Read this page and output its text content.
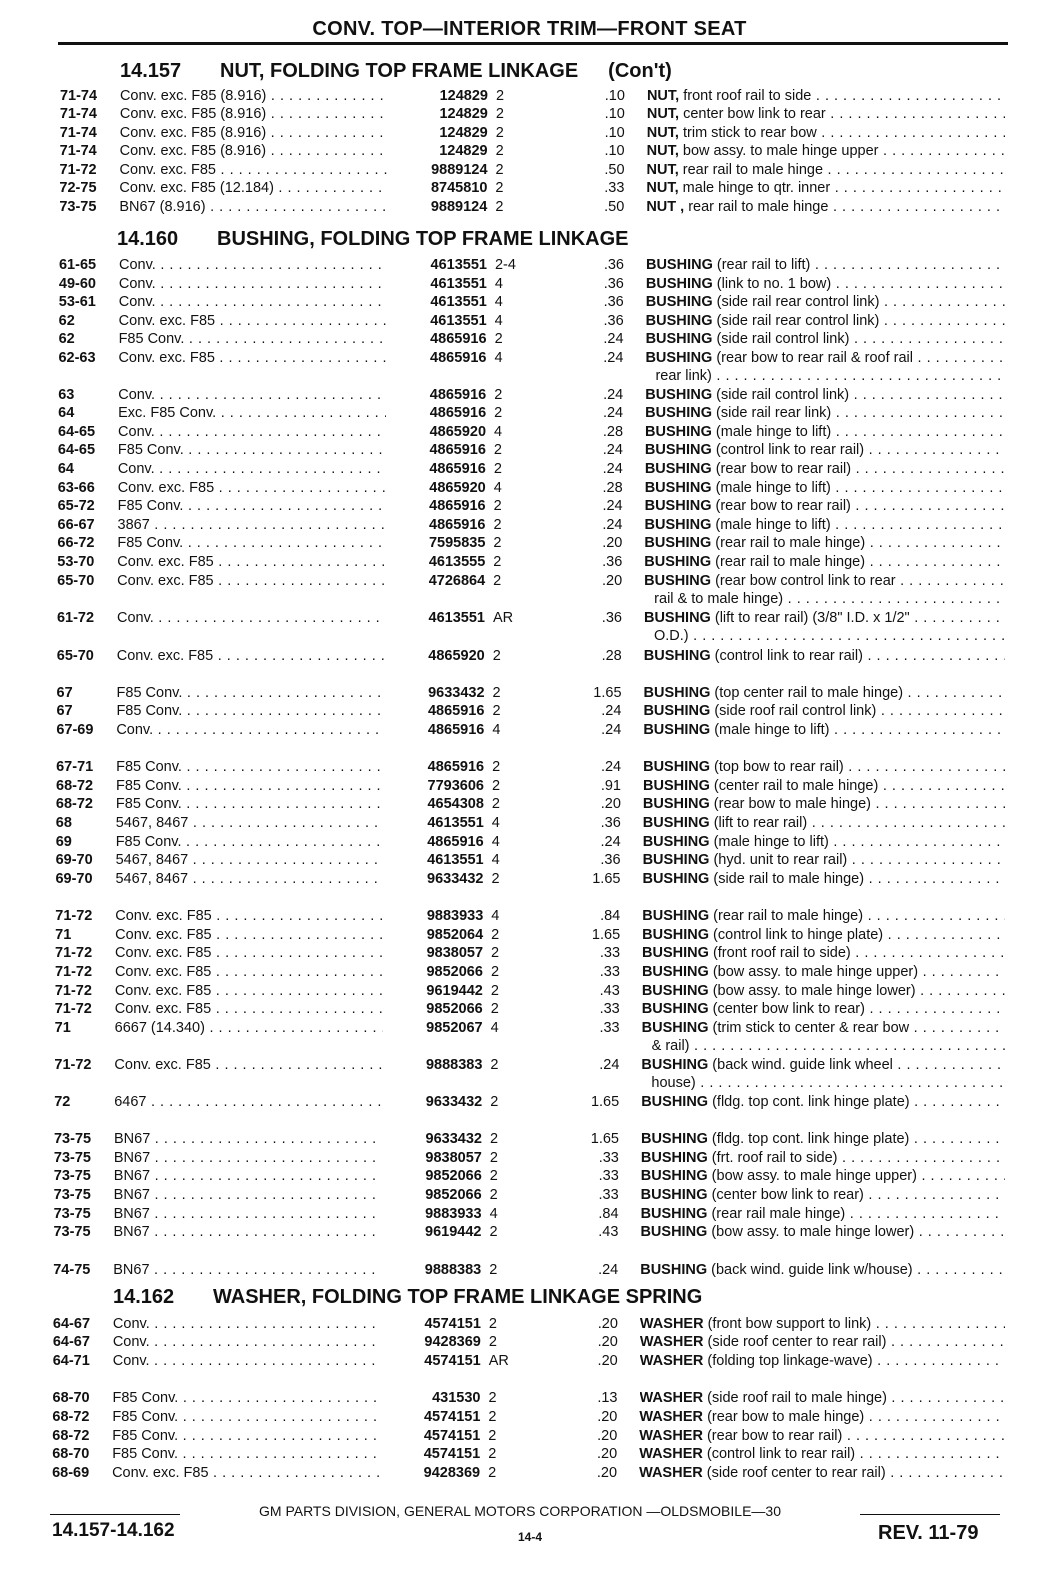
CONV. TOP—INTERIOR TRIM—FRONT SEAT
14.157 NUT, FOLDING TOP FRAME LINKAGE (Con't)
71-74 Conv. exc. F85 (8.916) . . .	124829 2	.10 NUT, front roof rail to side . . .
71-74 Conv. exc. F85 (8.916) . . .	124829 2	.10 NUT, center bow link to rear . . .
71-74 Conv. exc. F85 (8.916) . . .	124829 2	.10 NUT, trim stick to rear bow . . .
71-74 Conv. exc. F85 (8.916) . . .	124829 2	.10 NUT, bow assy. to male hinge upper . . .
71-72 Conv. exc. F85 . . .	9889124 2	.50 NUT, rear rail to male hinge . . .
72-75 Conv. exc. F85 (12.184) . . .	8745810 2	.33 NUT, male hinge to qtr. inner . . .
73-75 BN67 (8.916) . . .	9889124 2	.50 NUT , rear rail to male hinge . . .
14.160 BUSHING, FOLDING TOP FRAME LINKAGE
61-65 Conv. . . .	4613551 2-4	.36 BUSHING (rear rail to lift) . . .
49-60 Conv. . . .	4613551 4	.36 BUSHING (link to no. 1 bow) . . .
53-61 Conv. . . .	4613551 4	.36 BUSHING (side rail rear control link) . . .
62	Conv. exc. F85 . . .	4613551 4	.36 BUSHING (side rail rear control link) . . .
62	F85 Conv. . . .	4865916 2	.24 BUSHING (side rail control link) . . .
62-63 Conv. exc. F85 . . .	4865916 4	.24 BUSHING (rear bow to rear rail & roof rail . . .
rear link) . . .
63	Conv. . . .	4865916 2	.24 BUSHING (side rail control link) . . .
64	Exc. F85 Conv. . . .	4865916 2	.24 BUSHING (side rail rear link) . . .
64-65 Conv. . . .	4865920 4	.28 BUSHING (male hinge to lift) . . .
64-65 F85 Conv. . . .	4865916 2	.24 BUSHING (control link to rear rail) . . .
64	Conv. . . .	4865916 2	.24 BUSHING (rear bow to rear rail) . . .
63-66 Conv. exc. F85 . . .	4865920 4	.28 BUSHING (male hinge to lift) . . .
65-72 F85 Conv. . . .	4865916 2	.24 BUSHING (rear bow to rear rail) . . .
66-67 3867 . . .	4865916 2	.24 BUSHING (male hinge to lift) . . .
66-72 F85 Conv. . . .	7595835 2	.20 BUSHING (rear rail to male hinge) . . .
53-70 Conv. exc. F85 . . .	4613555 2	.36 BUSHING (rear rail to male hinge) . . .
65-70 Conv. exc. F85 . . .	4726864 2	.20 BUSHING (rear bow control link to rear . . .
rail & to male hinge) . . .
61-72 Conv. . . .	4613551 AR	.36 BUSHING (lift to rear rail) (3/8" I.D. x 1/2" . . .
O.D.) . . .
65-70 Conv. exc. F85 . . .	4865920 2	.28 BUSHING (control link to rear rail) . . .
67	F85 Conv. . . .	9633432 2	1.65 BUSHING (top center rail to male hinge) . . .
67	F85 Conv. . . .	4865916 2	.24 BUSHING (side roof rail control link) . . .
67-69 Conv. . . .	4865916 4	.24 BUSHING (male hinge to lift) . . .
67-71 F85 Conv. . . .	4865916 2	.24 BUSHING (top bow to rear rail) . . .
68-72 F85 Conv. . . .	7793606 2	.91 BUSHING (center rail to male hinge) . . .
68-72 F85 Conv. . . .	4654308 2	.20 BUSHING (rear bow to male hinge) . . .
68	5467, 8467 . . .	4613551 4	.36 BUSHING (lift to rear rail) . . .
69	F85 Conv. . . .	4865916 4	.24 BUSHING (male hinge to lift) . . .
69-70 5467, 8467 . . .	4613551 4	.36 BUSHING (hyd. unit to rear rail) . . .
69-70 5467, 8467 . . .	9633432 2	1.65 BUSHING (side rail to male hinge) . . .
71-72 Conv. exc. F85 . . .	9883933 4	.84 BUSHING (rear rail to male hinge) . . .
71	Conv. exc. F85 . . .	9852064 2	1.65 BUSHING (control link to hinge plate) . . .
71-72 Conv. exc. F85 . . .	9838057 2	.33 BUSHING (front roof rail to side) . . .
71-72 Conv. exc. F85 . . .	9852066 2	.33 BUSHING (bow assy. to male hinge upper) . . .
71-72 Conv. exc. F85 . . .	9619442 2	.43 BUSHING (bow assy. to male hinge lower) . . .
71-72 Conv. exc. F85 . . .	9852066 2	.33 BUSHING (center bow link to rear) . . .
71	6667 (14.340) . . .	9852067 4	.33 BUSHING (trim stick to center & rear bow . . .
& rail) . . .
71-72 Conv. exc. F85 . . .	9888383 2	.24 BUSHING (back wind. guide link wheel . . .
house) . . .
72	6467 . . .	9633432 2	1.65 BUSHING (fldg. top cont. link hinge plate) . . .
73-75 BN67 . . .	9633432 2	1.65 BUSHING (fldg. top cont. link hinge plate) . . .
73-75 BN67 . . .	9838057 2	.33 BUSHING (frt. roof rail to side) . . .
73-75 BN67 . . .	9852066 2	.33 BUSHING (bow assy. to male hinge upper) . . .
73-75 BN67 . . .	9852066 2	.33 BUSHING (center bow link to rear) . . .
73-75 BN67 . . .	9883933 4	.84 BUSHING (rear rail male hinge) . . .
73-75 BN67 . . .	9619442 2	.43 BUSHING (bow assy. to male hinge lower) . . .
74-75 BN67 . . .	9888383 2	.24 BUSHING (back wind. guide link w/house) . . .
14.162 WASHER, FOLDING TOP FRAME LINKAGE SPRING
64-67 Conv. . . .	4574151 2	.20 WASHER (front bow support to link) . . .
64-67 Conv. . . .	9428369 2	.20 WASHER (side roof center to rear rail) . . .
64-71 Conv. . . .	4574151 AR	.20 WASHER (folding top linkage-wave) . . .
68-70 F85 Conv. . . .	431530 2	.13 WASHER (side roof rail to male hinge) . . .
68-72 F85 Conv. . . .	4574151 2	.20 WASHER (rear bow to male hinge) . . .
68-72 F85 Conv. . . .	4574151 2	.20 WASHER (rear bow to rear rail) . . .
68-70 F85 Conv. . . .	4574151 2	.20 WASHER (control link to rear rail) . . .
68-69 Conv. exc. F85 . . .	9428369 2	.20 WASHER (side roof center to rear rail) . . .
GM PARTS DIVISION, GENERAL MOTORS CORPORATION —OLDSMOBILE—30
14.157-14.162	14-4	REV. 11-79
